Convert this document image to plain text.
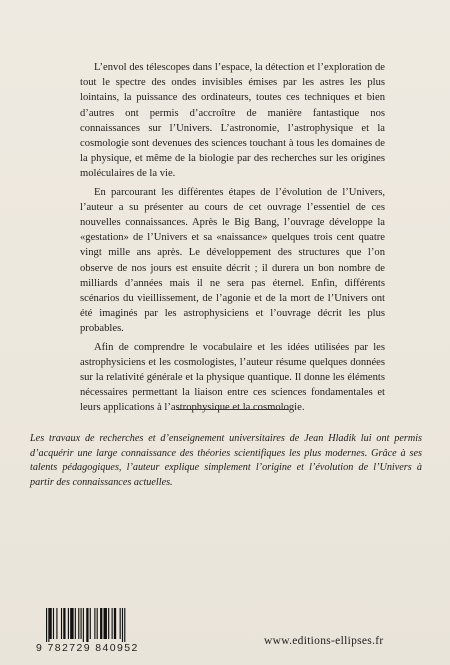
L’envol des télescopes dans l’espace, la détection et l’exploration de tout le spectre des ondes invisibles émises par les astres les plus lointains, la puissance des ordinateurs, toutes ces techniques et bien d’autres ont permis d’accroître de manière fantastique nos connaissances sur l’Univers. L’astronomie, l’astrophysique et la cosmologie sont devenues des sciences touchant à tous les domaines de la physique, et même de la biologie par des recherches sur les origines moléculaires de la vie.

En parcourant les différentes étapes de l’évolution de l’Univers, l’auteur a su présenter au cours de cet ouvrage l’essentiel de ces nouvelles connaissances. Après le Big Bang, l’ouvrage développe la «gestation» de l’Univers et sa «naissance» quelques trois cent quatre vingt mille ans après. Le développement des structures que l’on observe de nos jours est ensuite décrit ; il durera un bon nombre de milliards d’années mais il ne sera pas éternel. Enfin, différents scénarios du vieillissement, de l’agonie et de la mort de l’Univers ont été imaginés par les astrophysiciens et l’ouvrage décrit les plus probables.

Afin de comprendre le vocabulaire et les idées utilisées par les astrophysiciens et les cosmologistes, l’auteur résume quelques données sur la relativité générale et la physique quantique. Il donne les éléments nécessaires permettant la liaison entre ces sciences fondamentales et leurs applications à l’astrophysique et la cosmologie.

Les travaux de recherches et d’enseignement universitaires de Jean Hladik lui ont permis d’acquérir une large connaissance des théories scientifiques les plus modernes. Grâce à ses talents pédagogiques, l’auteur explique simplement l’origine et l’évolution de l’Univers à partir des connaissances actuelles.
9 782729 840952
www.editions-ellipses.fr
